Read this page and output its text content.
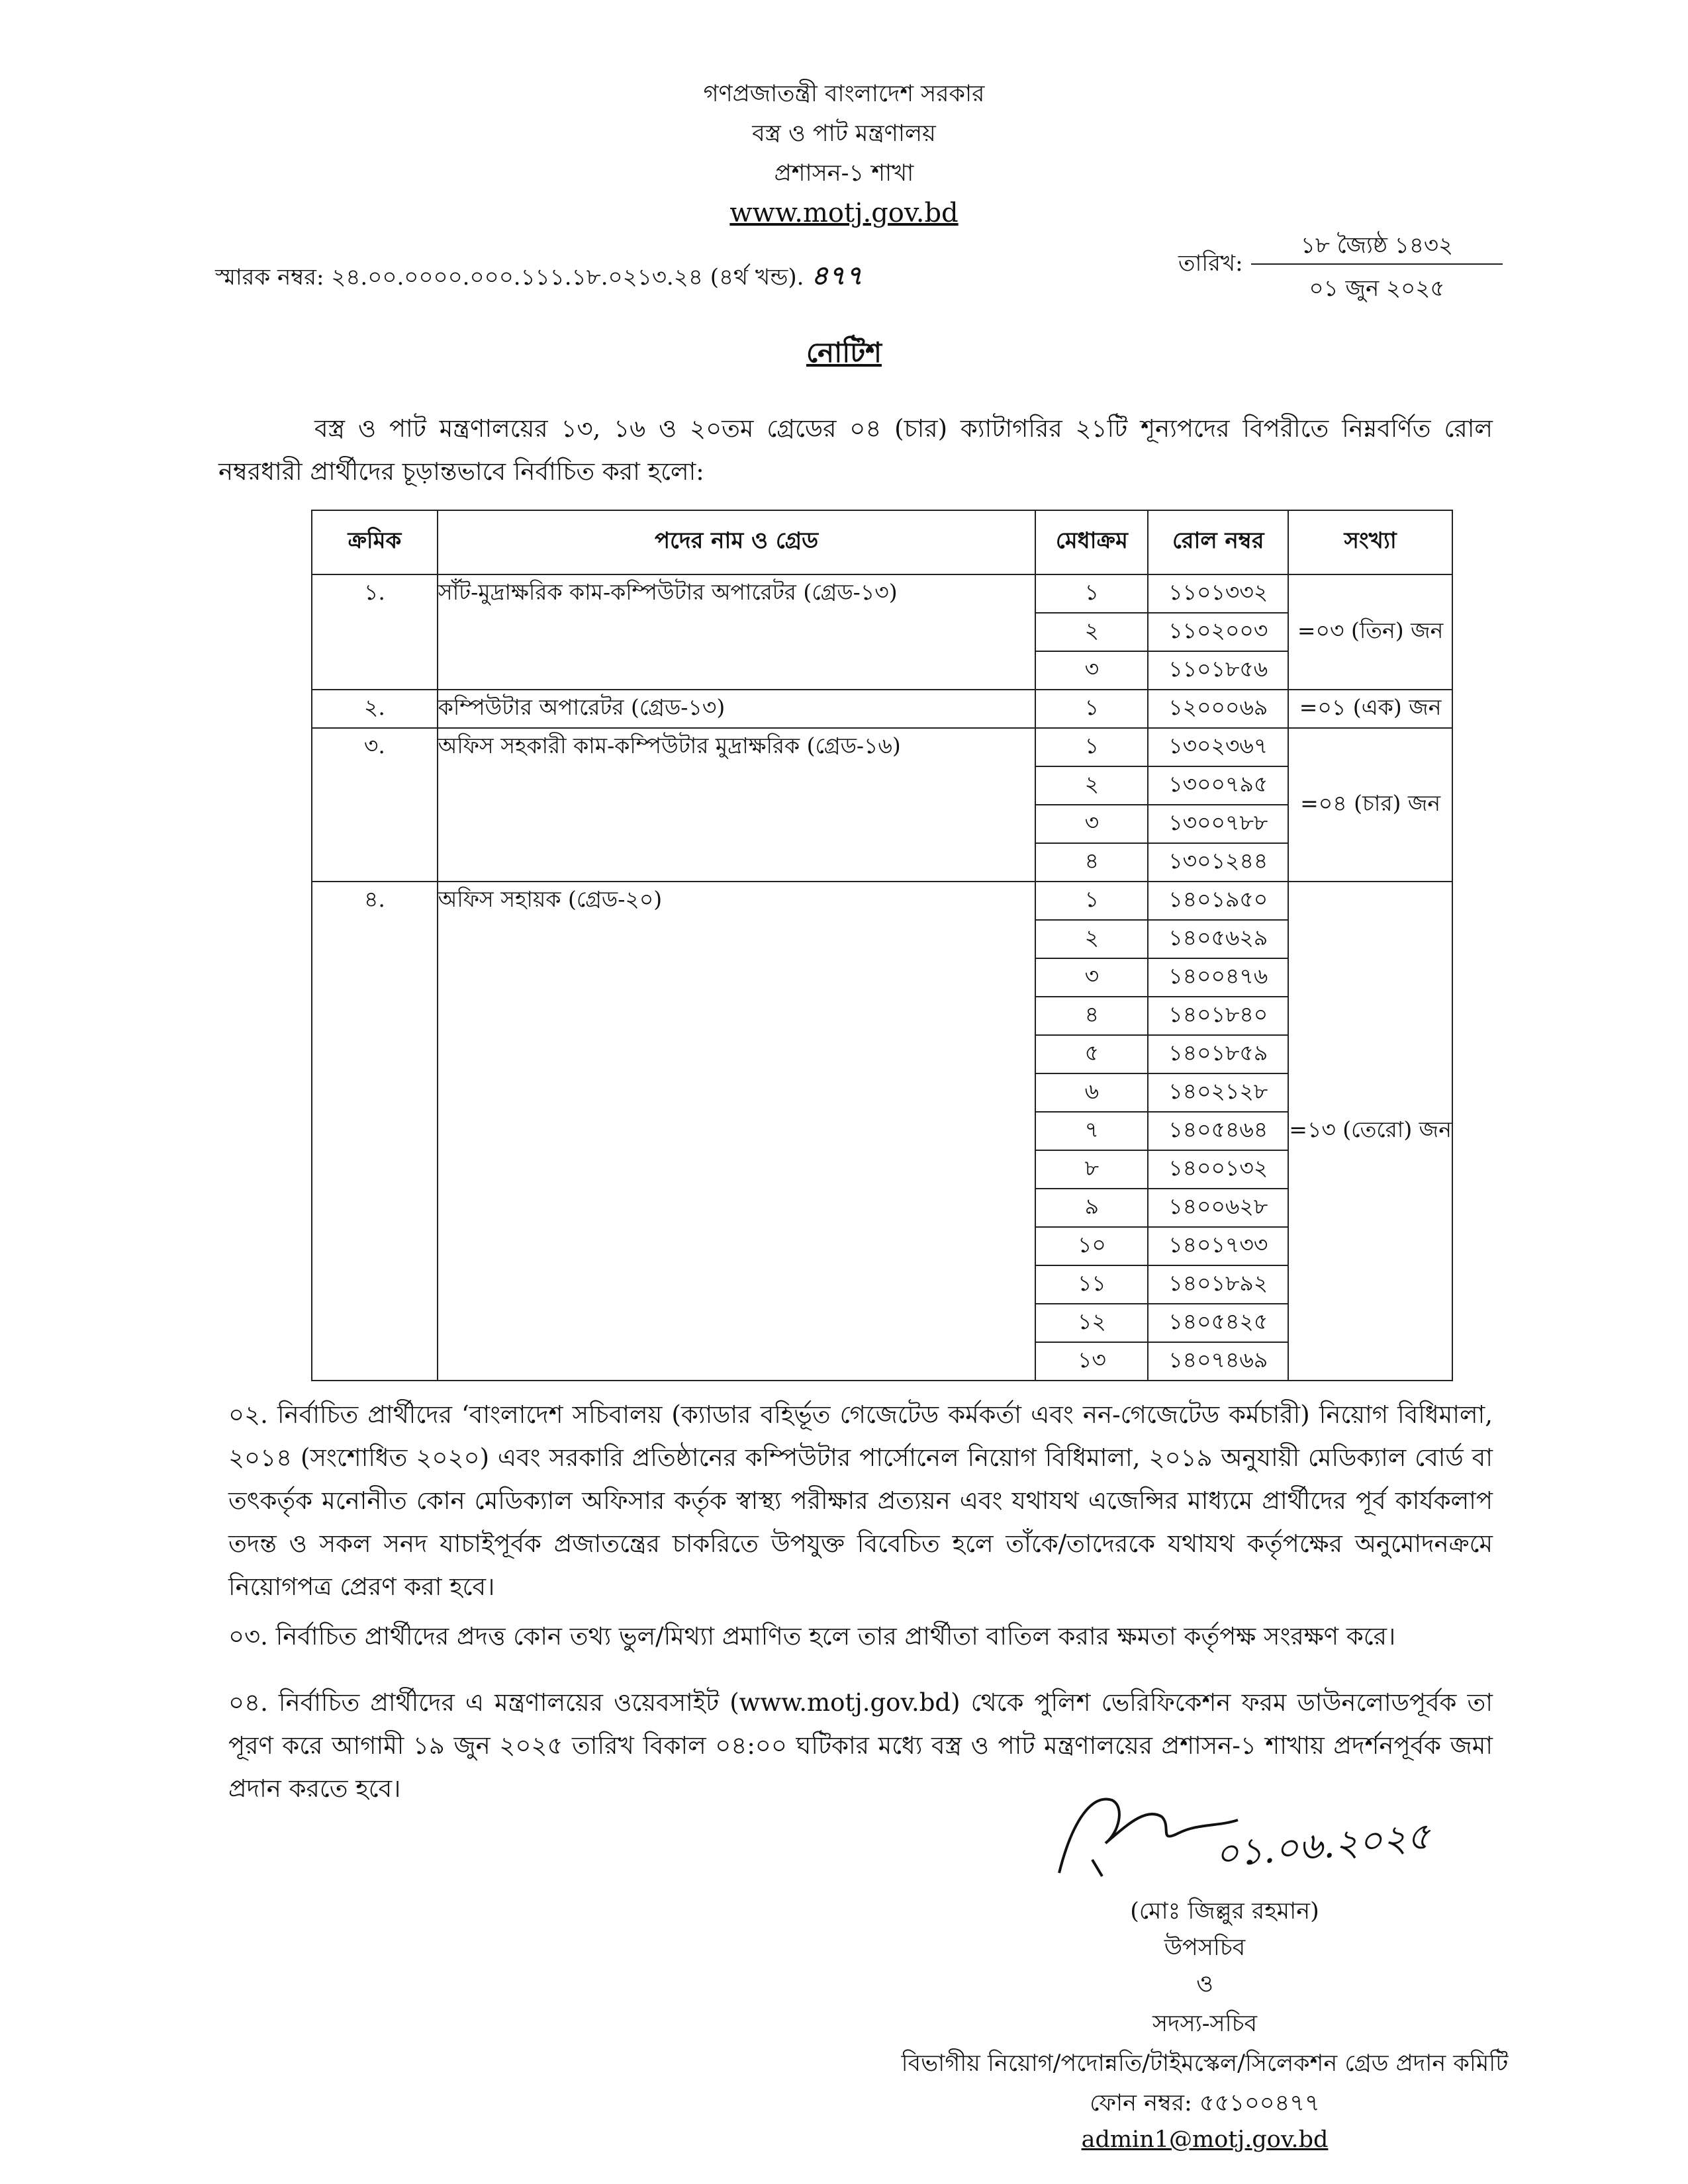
গণপ্রজাতন্ত্রী বাংলাদেশ সরকার
বস্ত্র ও পাট মন্ত্রণালয়
প্রশাসন-১ শাখা
www.motj.gov.bd
স্মারক নম্বর: ২৪.০০.০০০০.০০০.১১১.১৮.০২১৩.২৪ (৪র্থ খন্ড). ৪৭৭	তারিখ:
১৮ জ্যৈষ্ঠ ১৪৩২
০১ জুন ২০২৫
নোটিশ
বস্ত্র ও পাট মন্ত্রণালয়ের ১৩, ১৬ ও ২০তম গ্রেডের ০৪ (চার) ক্যাটাগরির ২১টি শূন্যপদের বিপরীতে নিম্নবর্ণিত রোল নম্বরধারী প্রার্থীদের চূড়ান্তভাবে নির্বাচিত করা হলো:
ক্রমিক	পদের নাম ও গ্রেড	মেধাক্রম	রোল নম্বর	সংখ্যা
১.	সাঁট-মুদ্রাক্ষরিক কাম-কম্পিউটার অপারেটর (গ্রেড-১৩)	১	১১০১৩৩২	=০৩ (তিন) জন
		২	১১০২০০৩	
		৩	১১০১৮৫৬	
২.	কম্পিউটার অপারেটর (গ্রেড-১৩)	১	১২০০০৬৯	=০১ (এক) জন
৩.	অফিস সহকারী কাম-কম্পিউটার মুদ্রাক্ষরিক (গ্রেড-১৬)	১	১৩০২৩৬৭	=০৪ (চার) জন
		২	১৩০০৭৯৫	
		৩	১৩০০৭৮৮	
		৪	১৩০১২৪৪	
৪.	অফিস সহায়ক (গ্রেড-২০)	১	১৪০১৯৫০	=১৩ (তেরো) জন
		২	১৪০৫৬২৯	
		৩	১৪০০৪৭৬	
		৪	১৪০১৮৪০	
		৫	১৪০১৮৫৯	
		৬	১৪০২১২৮	
		৭	১৪০৫৪৬৪	
		৮	১৪০০১৩২	
		৯	১৪০০৬২৮	
		১০	১৪০১৭৩৩	
		১১	১৪০১৮৯২	
		১২	১৪০৫৪২৫	
		১৩	১৪০৭৪৬৯	
০২. নির্বাচিত প্রার্থীদের ‘বাংলাদেশ সচিবালয় (ক্যাডার বহির্ভূত গেজেটেড কর্মকর্তা এবং নন-গেজেটেড কর্মচারী) নিয়োগ বিধিমালা, ২০১৪ (সংশোধিত ২০২০) এবং সরকারি প্রতিষ্ঠানের কম্পিউটার পার্সোনেল নিয়োগ বিধিমালা, ২০১৯ অনুযায়ী মেডিক্যাল বোর্ড বা তৎকর্তৃক মনোনীত কোন মেডিক্যাল অফিসার কর্তৃক স্বাস্থ্য পরীক্ষার প্রত্যয়ন এবং যথাযথ এজেন্সির মাধ্যমে প্রার্থীদের পূর্ব কার্যকলাপ তদন্ত ও সকল সনদ যাচাইপূর্বক প্রজাতন্ত্রের চাকরিতে উপযুক্ত বিবেচিত হলে তাঁকে/তাদেরকে যথাযথ কর্তৃপক্ষের অনুমোদনক্রমে নিয়োগপত্র প্রেরণ করা হবে।
০৩. নির্বাচিত প্রার্থীদের প্রদত্ত কোন তথ্য ভুল/মিথ্যা প্রমাণিত হলে তার প্রার্থীতা বাতিল করার ক্ষমতা কর্তৃপক্ষ সংরক্ষণ করে।
০৪. নির্বাচিত প্রার্থীদের এ মন্ত্রণালয়ের ওয়েবসাইট (www.motj.gov.bd) থেকে পুলিশ ভেরিফিকেশন ফরম ডাউনলোডপূর্বক তা পূরণ করে আগামী ১৯ জুন ২০২৫ তারিখ বিকাল ০৪:০০ ঘটিকার মধ্যে বস্ত্র ও পাট মন্ত্রণালয়ের প্রশাসন-১ শাখায় প্রদর্শনপূর্বক জমা প্রদান করতে হবে।
০১.০৬.২০২৫
(মোঃ জিল্লুর রহমান)
উপসচিব
ও
সদস্য-সচিব
বিভাগীয় নিয়োগ/পদোন্নতি/টাইমস্কেল/সিলেকশন গ্রেড প্রদান কমিটি
ফোন নম্বর: ৫৫১০০৪৭৭
admin1@motj.gov.bd
